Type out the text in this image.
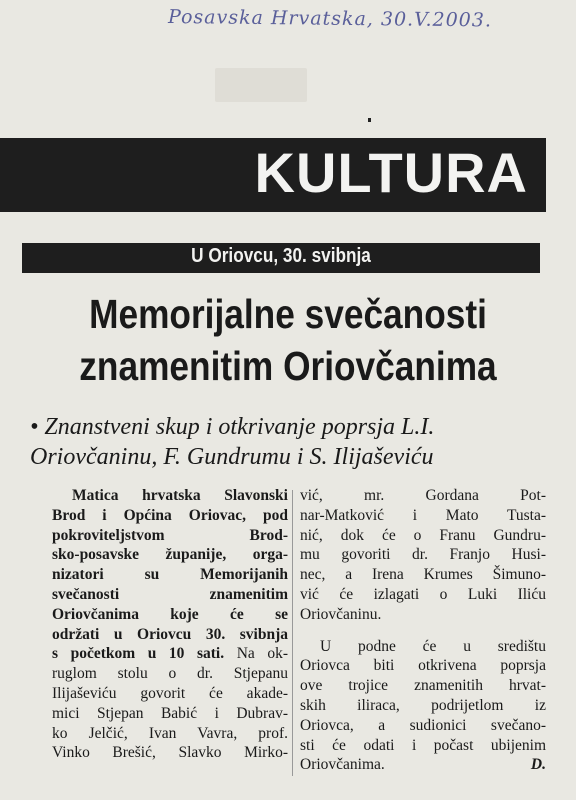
Posavska Hrvatska, 30.V.2003.
KULTURA
U Oriovcu, 30. svibnja
Memorijalne svečanosti
znamenitim Oriovčanima
• Znanstveni skup i otkrivanje poprsja L.I.
Oriovčaninu, F. Gundrumu i S. Ilijaševiću
Matica hrvatska Slavonski
Brod i Općina Oriovac, pod
pokroviteljstvom Brod-
sko-posavske županije, orga-
nizatori su Memorijanih
svečanosti znamenitim
Oriovčanima koje će se
održati u Oriovcu 30. svibnja
s početkom u 10 sati. Na ok-
ruglom stolu o dr. Stjepanu
Ilijaševiću govorit će akade-
mici Stjepan Babić i Dubrav-
ko Jelčić, Ivan Vavra, prof.
Vinko Brešić, Slavko Mirko-
vić, mr. Gordana Pot-
nar-Matković i Mato Tusta-
nić, dok će o Franu Gundru-
mu govoriti dr. Franjo Husi-
nec, a Irena Krumes Šimuno-
vić će izlagati o Luki Iliću
Oriovčaninu.
U podne će u središtu
Oriovca biti otkrivena poprsja
ove trojice znamenitih hrvat-
skih iliraca, podrijetlom iz
Oriovca, a sudionici svečano-
sti će odati i počast ubijenim
Oriovčanima.	D.
